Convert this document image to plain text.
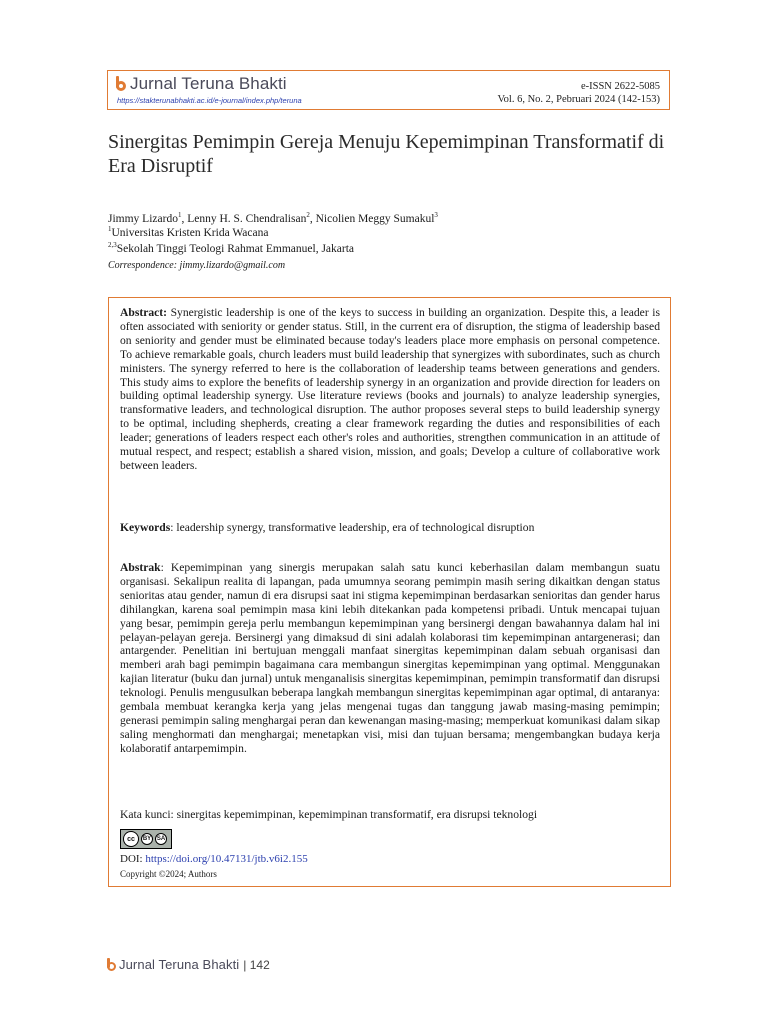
Jurnal Teruna Bhakti
https://stakterunabhakti.ac.id/e-journal/index.php/teruna
e-ISSN 2622-5085
Vol. 6, No. 2, Pebruari 2024 (142-153)
Sinergitas Pemimpin Gereja Menuju Kepemimpinan Transformatif di Era Disruptif
Jimmy Lizardo$^1$, Lenny H. S. Chendralisan$^2$, Nicolien Meggy Sumakul$^3$
$^1$Universitas Kristen Krida Wacana
$^{2,3}$Sekolah Tinggi Teologi Rahmat Emmanuel, Jakarta
Correspondence: jimmy.lizardo@gmail.com

Abstract: Synergistic leadership is one of the keys to success in building an organization. Despite this, a leader is often associated with seniority or gender status. Still, in the current era of disruption, the stigma of leadership based on seniority and gender must be eliminated because today's leaders place more emphasis on personal competence. To achieve remarkable goals, church leaders must build leadership that synergizes with subordinates, such as church ministers. The synergy referred to here is the collaboration of leadership teams between generations and genders. This study aims to explore the benefits of leadership synergy in an organization and provide direction for leaders on building optimal leadership synergy. Use literature reviews (books and journals) to analyze leadership synergies, transformative leaders, and technological disruption. The author proposes several steps to build leadership synergy to be optimal, including shepherds, creating a clear framework regarding the duties and responsibilities of each leader; generations of leaders respect each other's roles and authorities, strengthen communication in an attitude of mutual respect, and respect; establish a shared vision, mission, and goals; Develop a culture of collaborative work between leaders.

Keywords: leadership synergy, transformative leadership, era of technological disruption

Abstrak: Kepemimpinan yang sinergis merupakan salah satu kunci keberhasilan dalam membangun suatu organisasi. Sekalipun realita di lapangan, pada umumnya seorang pemimpin masih sering dikaitkan dengan status senioritas atau gender, namun di era disrupsi saat ini stigma kepemimpinan berdasarkan senioritas dan gender harus dihilangkan, karena soal pemimpin masa kini lebih ditekankan pada kompetensi pribadi. Untuk mencapai tujuan yang besar, pemimpin gereja perlu membangun kepemimpinan yang bersinergi dengan bawahannya dalam hal ini pelayan-pelayan gereja. Bersinergi yang dimaksud di sini adalah kolaborasi tim kepemimpinan antargenerasi; dan antargender. Penelitian ini bertujuan menggali manfaat sinergitas kepemimpinan dalam sebuah organisasi dan memberi arah bagi pemimpin bagaimana cara membangun sinergitas kepemimpinan yang optimal. Menggunakan kajian literatur (buku dan jurnal) untuk menganalisis sinergitas kepemimpinan, pemimpin transformatif dan disrupsi teknologi. Penulis mengusulkan beberapa langkah membangun sinergitas kepemimpinan agar optimal, di antaranya: gembala membuat kerangka kerja yang jelas mengenai tugas dan tanggung jawab masing-masing pemimpin; generasi pemimpin saling menghargai peran dan kewenangan masing-masing; memperkuat komunikasi dalam sikap saling menghormati dan menghargai; menetapkan visi, misi dan tujuan bersama; mengembangkan budaya kerja kolaboratif antarpemimpin.

Kata kunci: sinergitas kepemimpinan, kepemimpinan transformatif, era disrupsi teknologi

cc	BY SA
DOI: https://doi.org/10.47131/jtb.v6i2.155
Copyright ©2024; Authors
Jurnal Teruna Bhakti | 142
